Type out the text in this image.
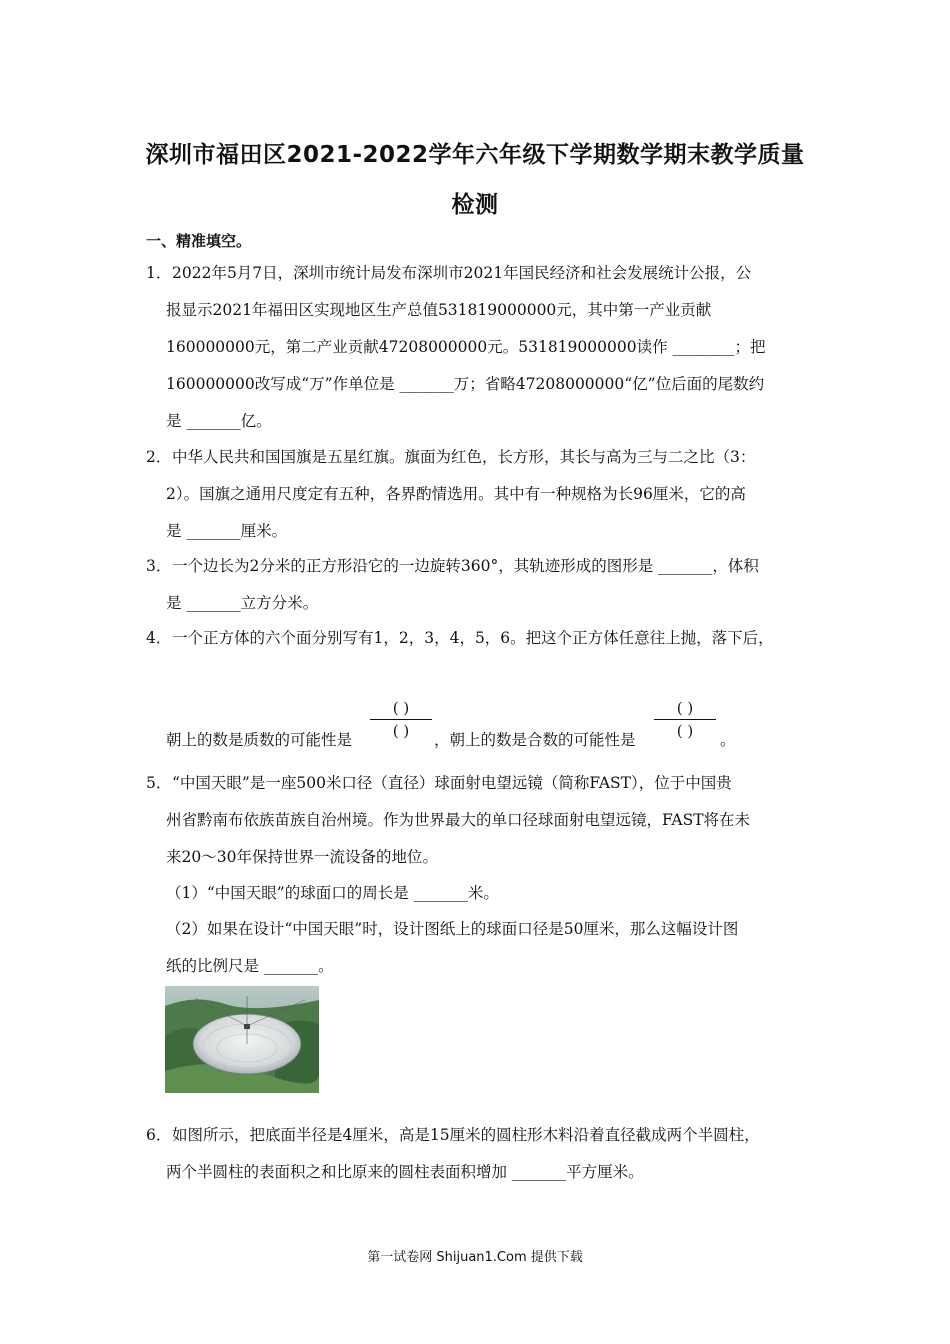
深圳市福田区2021-2022学年六年级下学期数学期末教学质量
检测
一、精准填空。
1． 2022年5月7日，深圳市统计局发布深圳市2021年国民经济和社会发展统计公报，公
报显示2021年福田区实现地区生产总值531819000000元，其中第一产业贡献
160000000元，第二产业贡献47208000000元。531819000000读作 ________；把
160000000改写成“万”作单位是 _______万；省略47208000000“亿”位后面的尾数约
是 _______亿。
2． 中华人民共和国国旗是五星红旗。旗面为红色，长方形，其长与高为三与二之比（3：
2）。国旗之通用尺度定有五种，各界酌情选用。其中有一种规格为长96厘米，它的高
是 _______厘米。
3． 一个边长为2分米的正方形沿它的一边旋转360°，其轨迹形成的图形是 _______，体积
是 _______立方分米。
4． 一个正方体的六个面分别写有1，2，3，4，5，6。把这个正方体任意往上抛，落下后，
朝上的数是质数的可能性是
( )
( )	，朝上的数是合数的可能性是
( )
( )	。
5． “中国天眼”是一座500米口径（直径）球面射电望远镜（简称FAST），位于中国贵
州省黔南布依族苗族自治州境。作为世界最大的单口径球面射电望远镜，FAST将在未
来20～30年保持世界一流设备的地位。
（1）“中国天眼”的球面口的周长是 _______米。
（2）如果在设计“中国天眼”时，设计图纸上的球面口径是50厘米，那么这幅设计图
纸的比例尺是 _______。
6． 如图所示，把底面半径是4厘米，高是15厘米的圆柱形木料沿着直径截成两个半圆柱，
两个半圆柱的表面积之和比原来的圆柱表面积增加 _______平方厘米。
第一试卷网 Shijuan1.Com 提供下载
